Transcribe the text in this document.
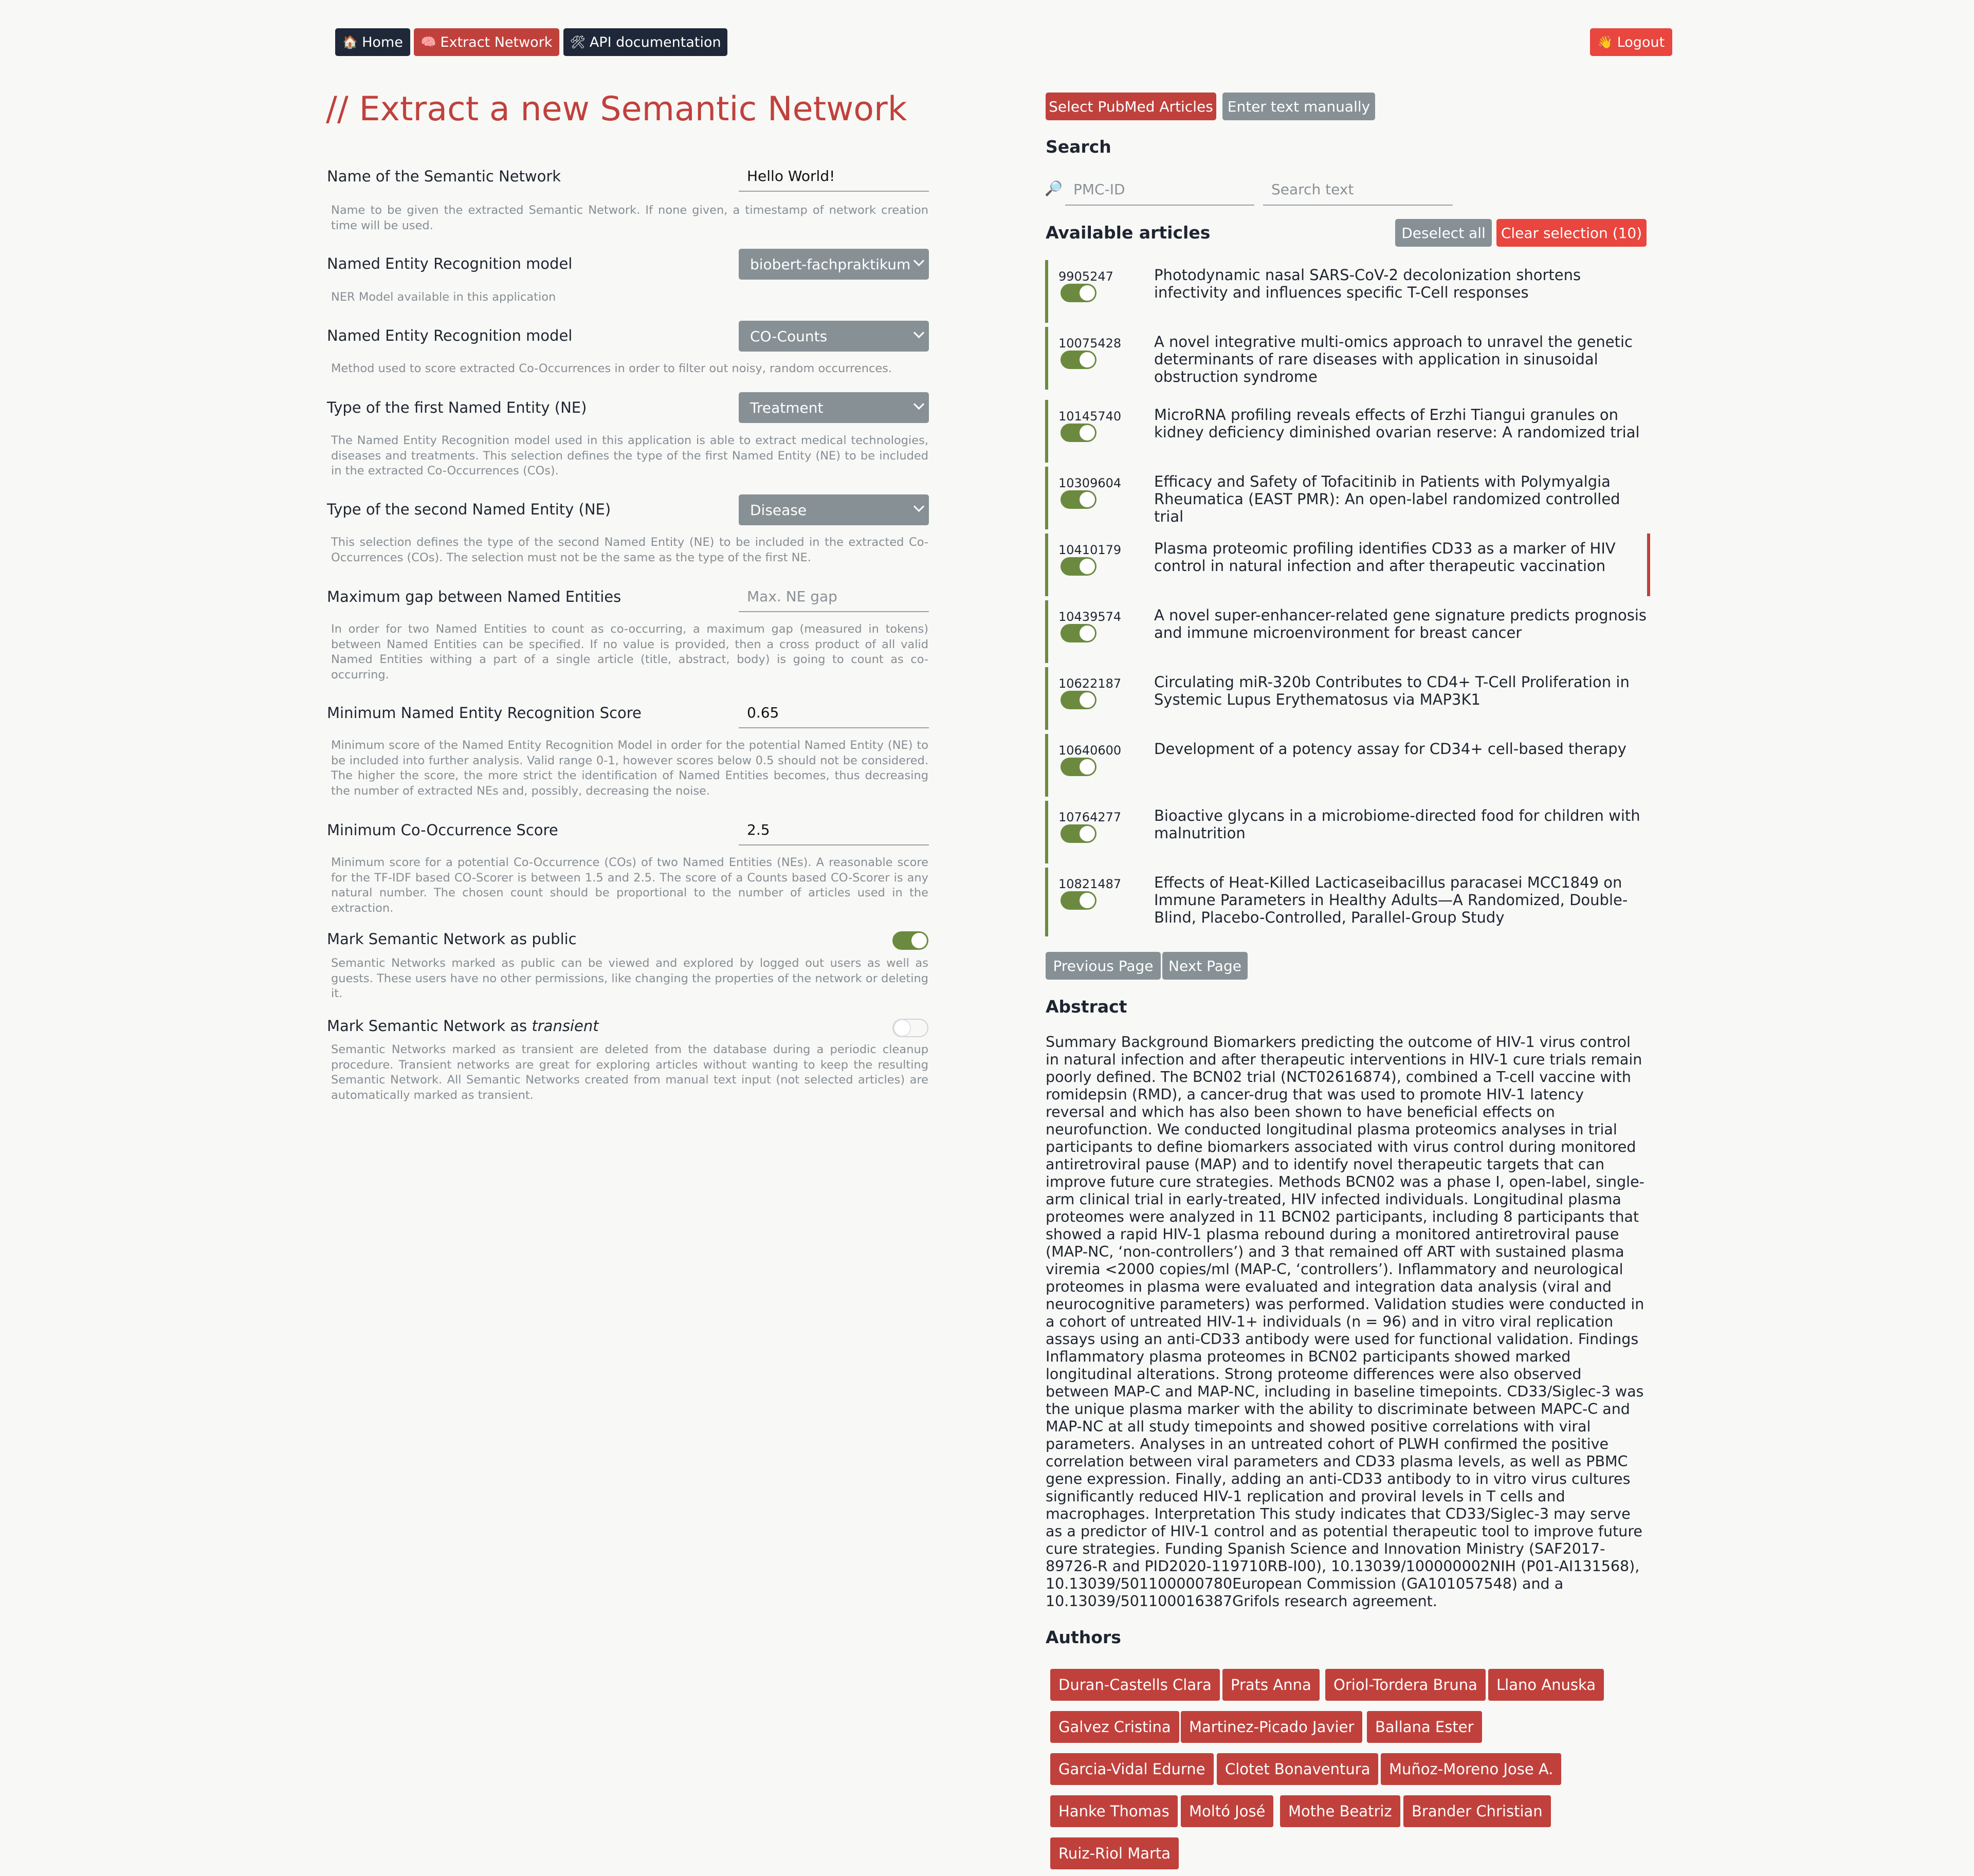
🏠 Home 🧠 Extract Network 🛠 API documentation	👋 Logout
// Extract a new Semantic Network
Name of the Semantic Network	Hello World!
Name to be given the extracted Semantic Network. If none given, a timestamp of network creation time will be used.
Named Entity Recognition model	biobert-fachpraktikum
NER Model available in this application
Named Entity Recognition model	CO-Counts
Method used to score extracted Co-Occurrences in order to filter out noisy, random occurrences.
Type of the first Named Entity (NE)	Treatment
The Named Entity Recognition model used in this application is able to extract medical technologies, diseases and treatments. This selection defines the type of the first Named Entity (NE) to be included in the extracted Co-Occurrences (COs).
Type of the second Named Entity (NE)	Disease
This selection defines the type of the second Named Entity (NE) to be included in the extracted Co-Occurrences (COs). The selection must not be the same as the type of the first NE.
Maximum gap between Named Entities	Max. NE gap
In order for two Named Entities to count as co-occurring, a maximum gap (measured in tokens) between Named Entities can be specified. If no value is provided, then a cross product of all valid Named Entities withing a part of a single article (title, abstract, body) is going to count as co-occurring.
Minimum Named Entity Recognition Score	0.65
Minimum score of the Named Entity Recognition Model in order for the potential Named Entity (NE) to be included into further analysis. Valid range 0-1, however scores below 0.5 should not be considered. The higher the score, the more strict the identification of Named Entities becomes, thus decreasing the number of extracted NEs and, possibly, decreasing the noise.
Minimum Co-Occurrence Score	2.5
Minimum score for a potential Co-Occurrence (COs) of two Named Entities (NEs). A reasonable score for the TF-IDF based CO-Scorer is between 1.5 and 2.5. The score of a Counts based CO-Scorer is any natural number. The chosen count should be proportional to the number of articles used in the extraction.
Mark Semantic Network as public
Semantic Networks marked as public can be viewed and explored by logged out users as well as guests. These users have no other permissions, like changing the properties of the network or deleting it.
Mark Semantic Network as transient
Semantic Networks marked as transient are deleted from the database during a periodic cleanup procedure. Transient networks are great for exploring articles without wanting to keep the resulting Semantic Network. All Semantic Networks created from manual text input (not selected articles) are automatically marked as transient.
Select PubMed Articles Enter text manually
Search
🔎 PMC-ID	Search text
Available articles	Deselect all	Clear selection (10)
9905247	Photodynamic nasal SARS-CoV-2 decolonization shortens infectivity and influences specific T-Cell responses
10075428 A novel integrative multi-omics approach to unravel the genetic determinants of rare diseases with application in sinusoidal obstruction syndrome
10145740 MicroRNA profiling reveals effects of Erzhi Tiangui granules on kidney deficiency diminished ovarian reserve: A randomized trial
10309604 Efficacy and Safety of Tofacitinib in Patients with Polymyalgia Rheumatica (EAST PMR): An open-label randomized controlled trial
10410179 Plasma proteomic profiling identifies CD33 as a marker of HIV control in natural infection and after therapeutic vaccination
10439574 A novel super-enhancer-related gene signature predicts prognosis and immune microenvironment for breast cancer
10622187 Circulating miR-320b Contributes to CD4+ T-Cell Proliferation in Systemic Lupus Erythematosus via MAP3K1
10640600 Development of a potency assay for CD34+ cell-based therapy
10764277 Bioactive glycans in a microbiome-directed food for children with malnutrition
10821487 Effects of Heat-Killed Lacticaseibacillus paracasei MCC1849 on Immune Parameters in Healthy Adults—A Randomized, Double-Blind, Placebo-Controlled, Parallel-Group Study
Previous Page	Next Page
Abstract
Summary Background Biomarkers predicting the outcome of HIV-1 virus control in natural infection and after therapeutic interventions in HIV-1 cure trials remain poorly defined. The BCN02 trial (NCT02616874), combined a T-cell vaccine with romidepsin (RMD), a cancer-drug that was used to promote HIV-1 latency reversal and which has also been shown to have beneficial effects on neurofunction. We conducted longitudinal plasma proteomics analyses in trial participants to define biomarkers associated with virus control during monitored antiretroviral pause (MAP) and to identify novel therapeutic targets that can improve future cure strategies. Methods BCN02 was a phase I, open-label, single-arm clinical trial in early-treated, HIV infected individuals. Longitudinal plasma proteomes were analyzed in 11 BCN02 participants, including 8 participants that showed a rapid HIV-1 plasma rebound during a monitored antiretroviral pause (MAP-NC, ‘non-controllers’) and 3 that remained off ART with sustained plasma viremia <2000 copies/ml (MAP-C, ‘controllers’). Inflammatory and neurological proteomes in plasma were evaluated and integration data analysis (viral and neurocognitive parameters) was performed. Validation studies were conducted in a cohort of untreated HIV-1+ individuals (n = 96) and in vitro viral replication assays using an anti-CD33 antibody were used for functional validation. Findings Inflammatory plasma proteomes in BCN02 participants showed marked longitudinal alterations. Strong proteome differences were also observed between MAP-C and MAP-NC, including in baseline timepoints. CD33/Siglec-3 was the unique plasma marker with the ability to discriminate between MAPC-C and MAP-NC at all study timepoints and showed positive correlations with viral parameters. Analyses in an untreated cohort of PLWH confirmed the positive correlation between viral parameters and CD33 plasma levels, as well as PBMC gene expression. Finally, adding an anti-CD33 antibody to in vitro virus cultures significantly reduced HIV-1 replication and proviral levels in T cells and macrophages. Interpretation This study indicates that CD33/Siglec-3 may serve as a predictor of HIV-1 control and as potential therapeutic tool to improve future cure strategies. Funding Spanish Science and Innovation Ministry (SAF2017-89726-R and PID2020-119710RB-I00), 10.13039/100000002NIH (P01-AI131568), 10.13039/501100000780European Commission (GA101057548) and a 10.13039/501100016387Grifols research agreement.
Authors
Duran-Castells Clara	Prats Anna	Oriol-Tordera Bruna	Llano Anuska
Galvez Cristina	Martinez-Picado Javier	Ballana Ester
Garcia-Vidal Edurne	Clotet Bonaventura	Muñoz-Moreno Jose A.
Hanke Thomas	Moltó José	Mothe Beatriz	Brander Christian
Ruiz-Riol Marta
